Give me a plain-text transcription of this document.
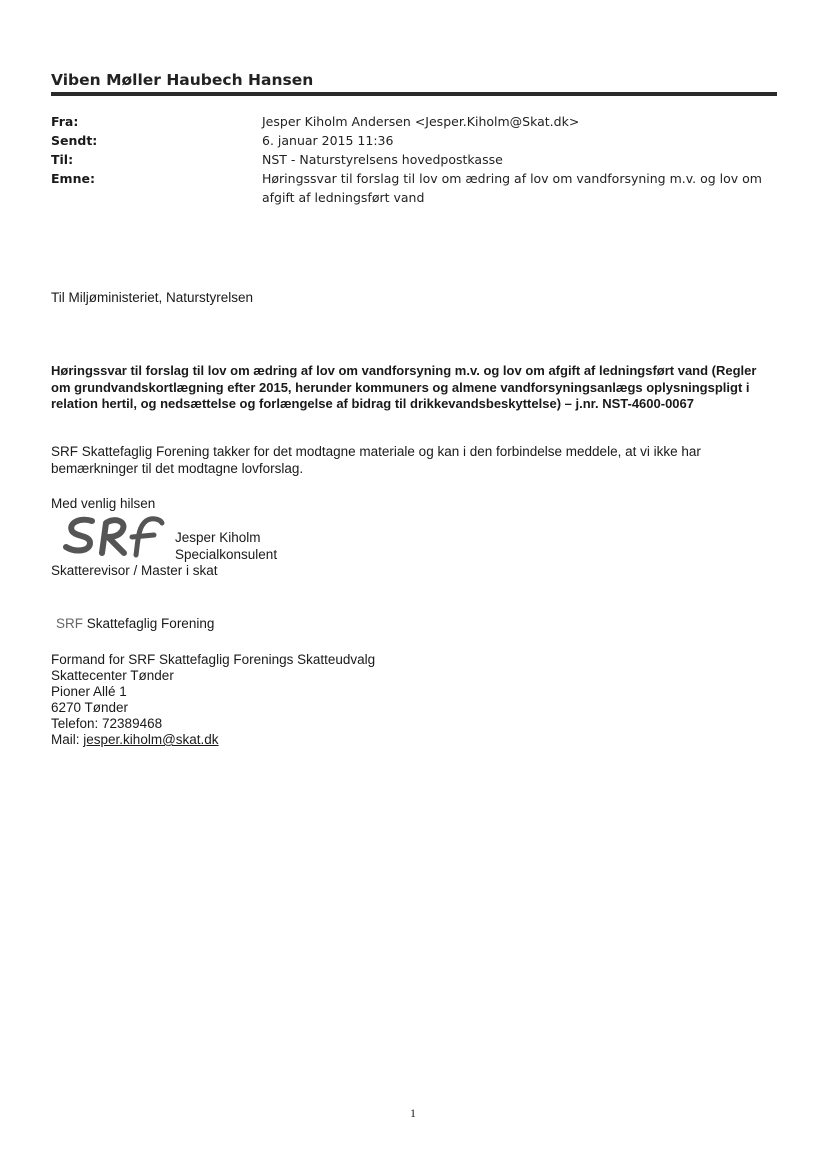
Viben Møller Haubech Hansen
Fra:	Jesper Kiholm Andersen <Jesper.Kiholm@Skat.dk>
Sendt:	6. januar 2015 11:36
Til:	NST - Naturstyrelsens hovedpostkasse
Emne:	Høringssvar til forslag til lov om ædring af lov om vandforsyning m.v. og lov om afgift af ledningsført vand
Til Miljøministeriet, Naturstyrelsen
Høringssvar til forslag til lov om ædring af lov om vandforsyning m.v. og lov om afgift af ledningsført vand (Regler om grundvandskortlægning efter 2015, herunder kommuners og almene vandforsyningsanlægs oplysningspligt i relation hertil, og nedsættelse og forlængelse af bidrag til drikkevandsbeskyttelse) – j.nr. NST-4600-0067
SRF Skattefaglig Forening takker for det modtagne materiale og kan i den forbindelse meddele, at vi ikke har bemærkninger til det modtagne lovforslag.
Med venlig hilsen
Jesper Kiholm
Specialkonsulent
Skatterevisor / Master i skat
SRF Skattefaglig Forening
Formand for SRF Skattefaglig Forenings Skatteudvalg
Skattecenter Tønder
Pioner Allé 1
6270 Tønder
Telefon: 72389468
Mail: jesper.kiholm@skat.dk
1
